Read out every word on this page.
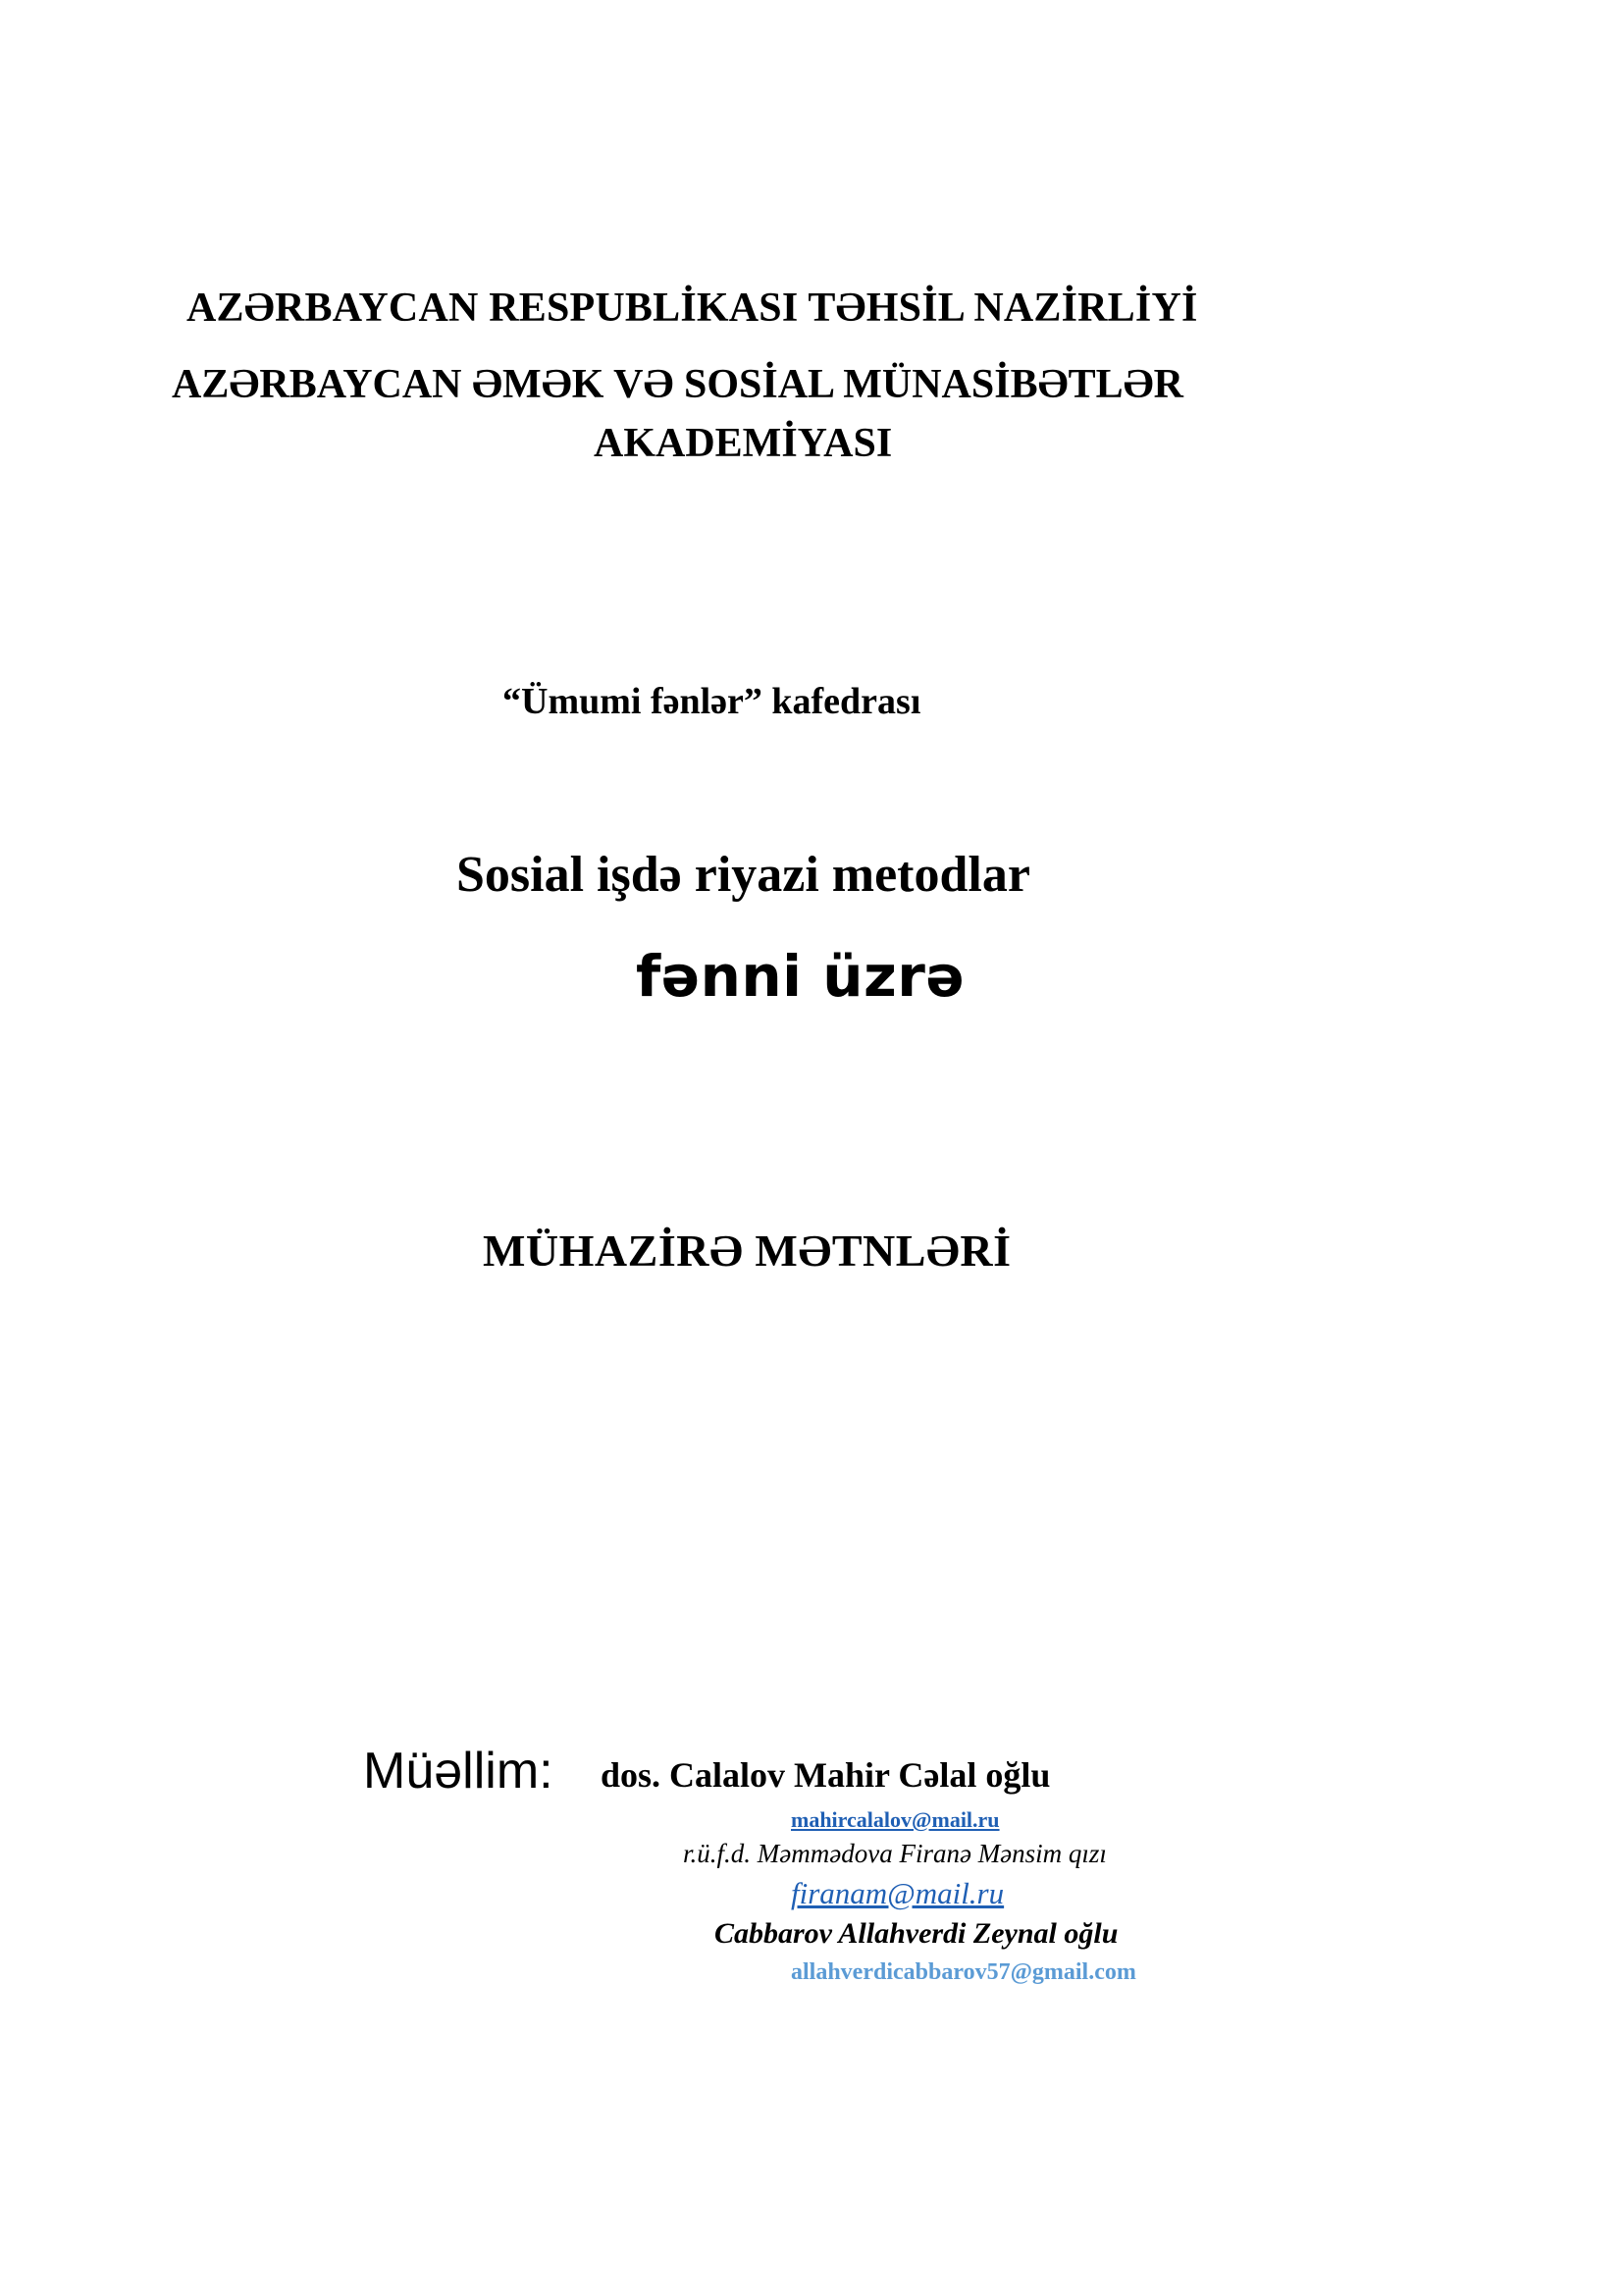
AZƏRBAYCAN RESPUBLİKASI TƏHSİL NAZİRLİYİ
AZƏRBAYCAN ƏMƏK VƏ SOSİAL MÜNASİBƏTLƏR
AKADEMİYASI
“Ümumi fənlər” kafedrası
Sosial işdə riyazi metodlar
fənni üzrə
MÜHAZİRƏ MƏTNLƏRİ
Müəllim: dos. Calalov Mahir Cəlal oğlu
mahircalalov@mail.ru
r.ü.f.d. Məmmədova Firanə Mənsim qızı
firanam@mail.ru
Cabbarov Allahverdi Zeynal oğlu
allahverdicabbarov57@gmail.com
